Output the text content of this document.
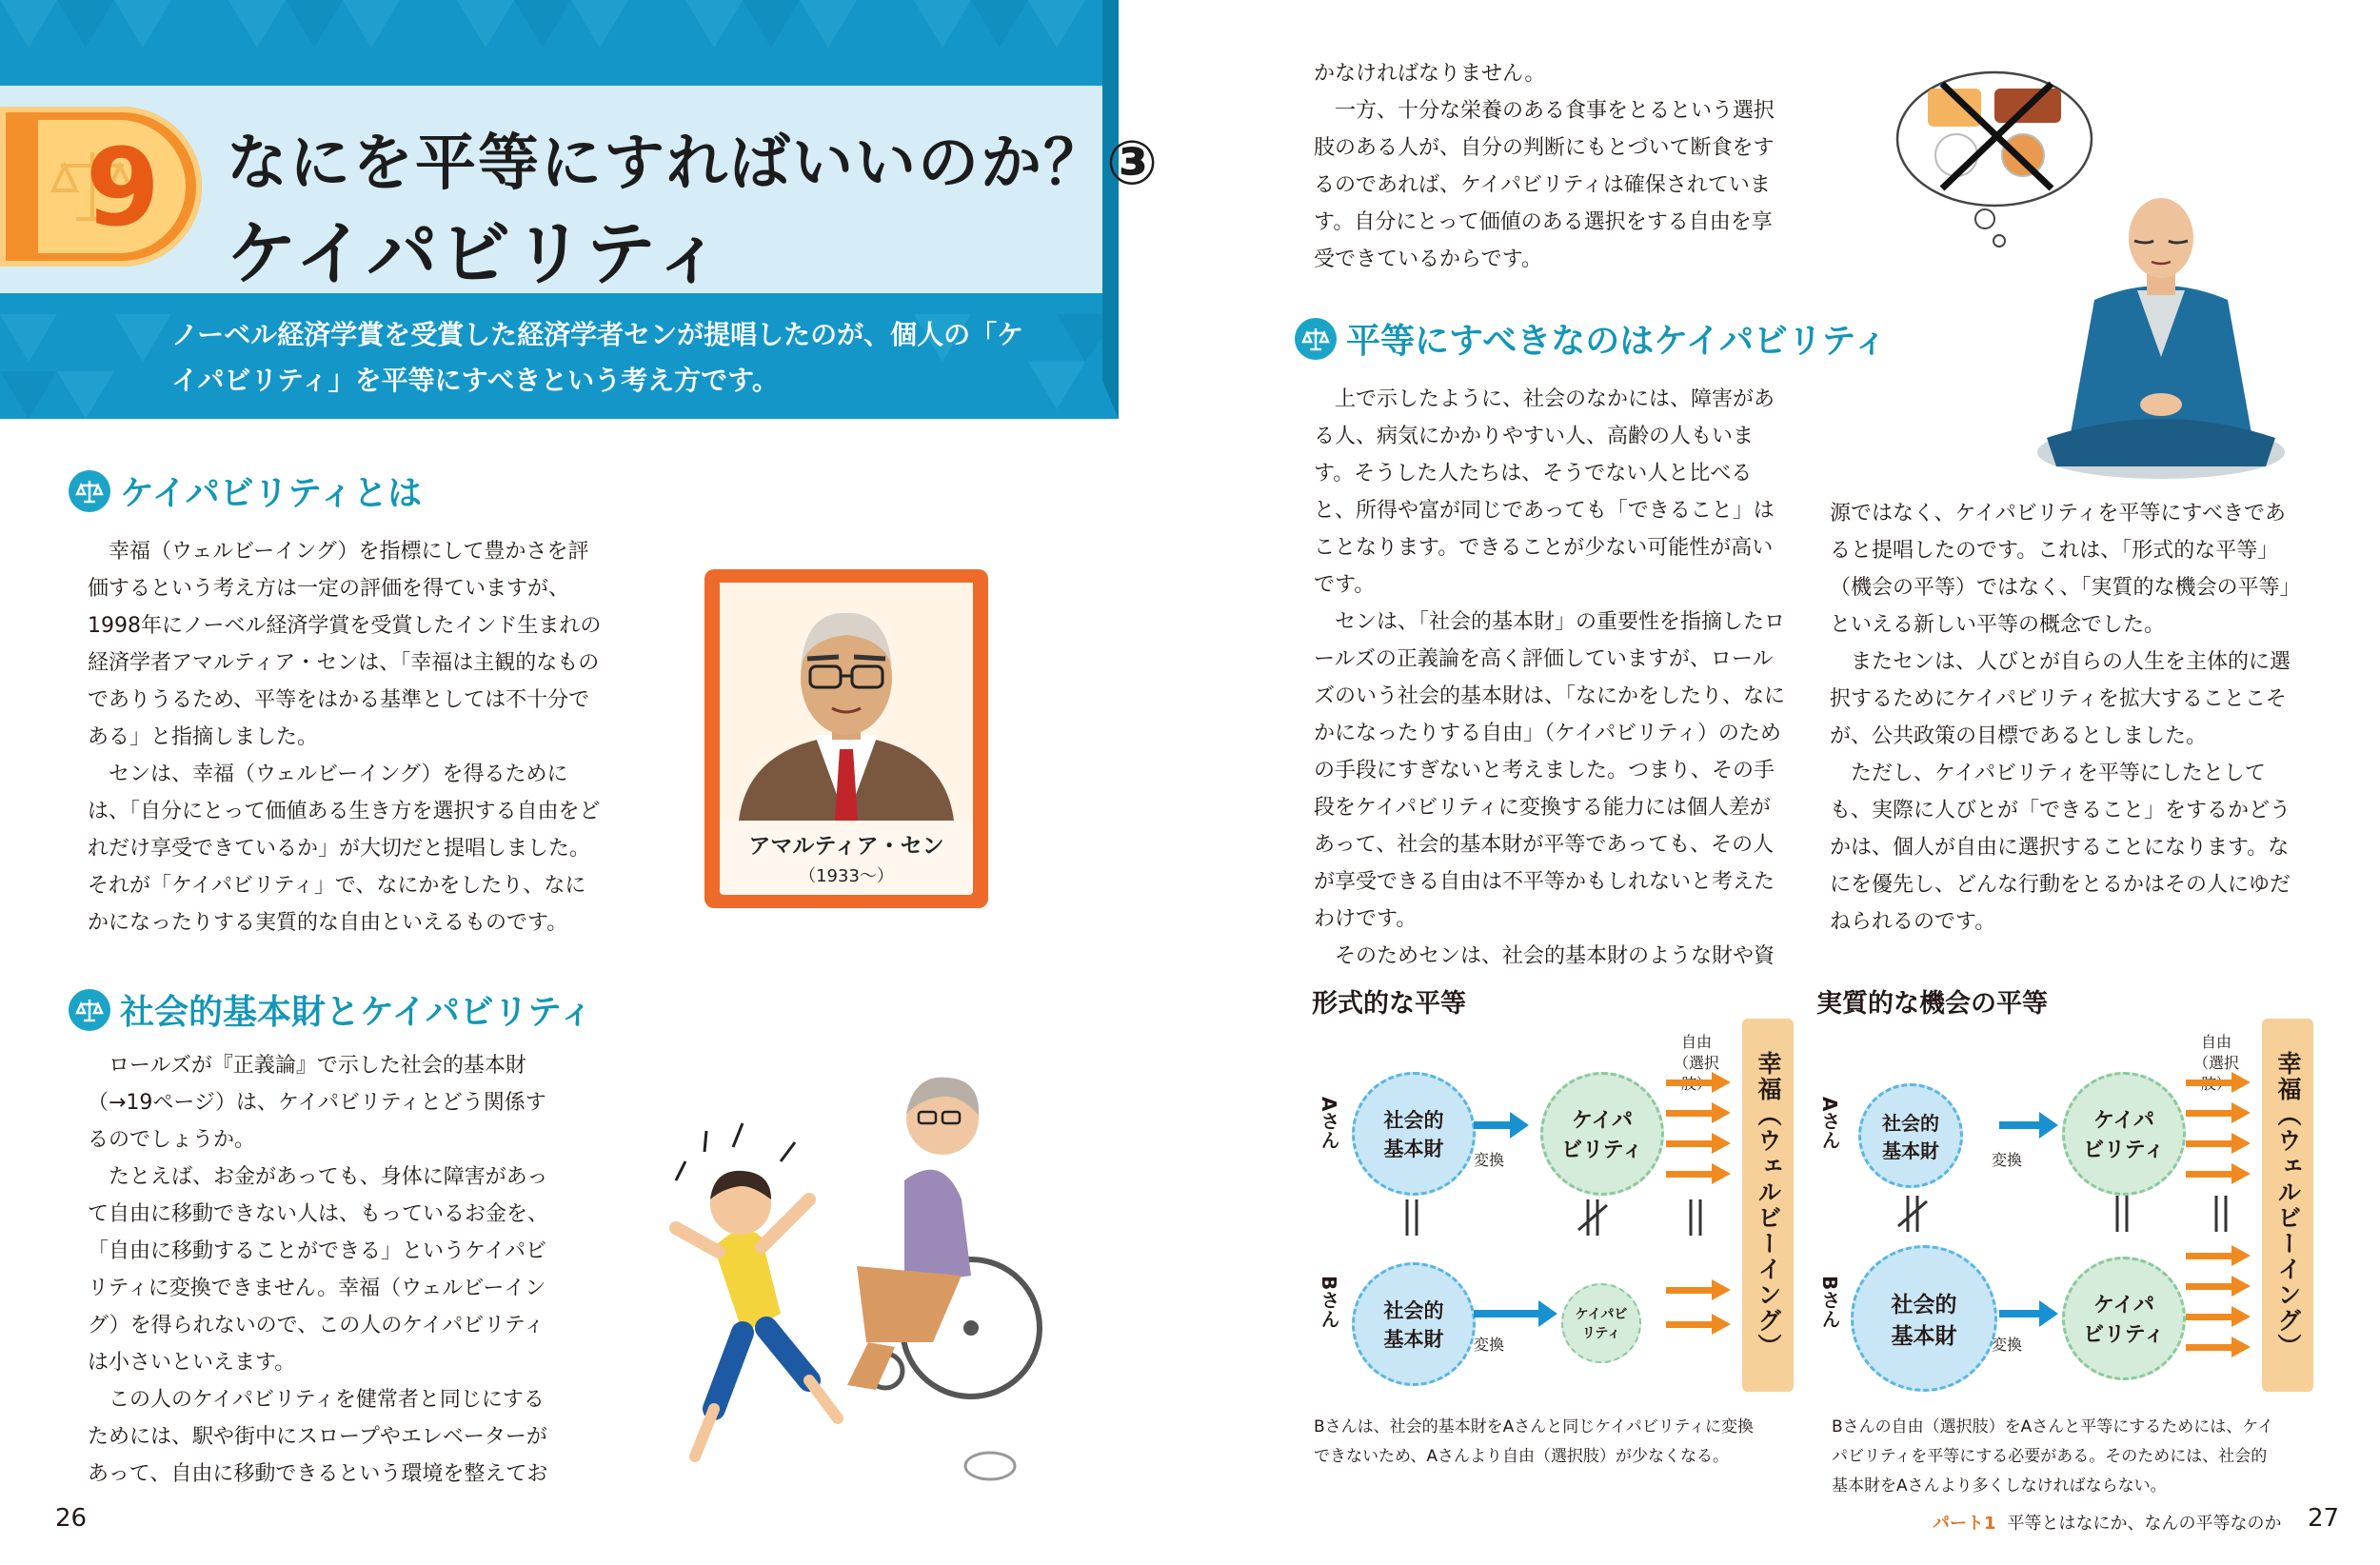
9 なにを平等にすればいいのか？③
ケイパビリティ
ノーベル経済学賞を受賞した経済学者センが提唱したのが、個人の「ケイパビリティ」を平等にすべきという考え方です。
ケイパビリティとは

幸福（ウェルビーイング）を指標にして豊かさを評価するという考え方は一定の評価を得ていますが、1998年にノーベル経済学賞を受賞したインド生まれの経済学者アマルティア・センは、「幸福は主観的なものでありうるため、平等をはかる基準としては不十分である」と指摘しました。

センは、幸福（ウェルビーイング）を得るためには、「自分にとって価値ある生き方を選択する自由をどれだけ享受できているか」が大切だと提唱しました。それが「ケイパビリティ」で、なにかをしたり、なにかになったりする実質的な自由といえるものです。

アマルティア・セン
（1933〜）
社会的基本財とケイパビリティ

ロールズが『正義論』で示した社会的基本財（→19ページ）は、ケイパビリティとどう関係するのでしょうか。

たとえば、お金があっても、身体に障害があって自由に移動できない人は、もっているお金を、「自由に移動することができる」というケイパビリティに変換できません。幸福（ウェルビーイング）を得られないので、この人のケイパビリティは小さいといえます。

この人のケイパビリティを健常者と同じにするためには、駅や街中にスロープやエレベーターがあって、自由に移動できるという環境を整えてお

26

かなければなりません。

一方、十分な栄養のある食事をとるという選択肢のある人が、自分の判断にもとづいて断食をするのであれば、ケイパビリティは確保されています。自分にとって価値のある選択をする自由を享受できているからです。

平等にすべきなのはケイパビリティ

上で示したように、社会のなかには、障害がある人、病気にかかりやすい人、高齢の人もいます。そうした人たちは、そうでない人と比べると、所得や富が同じであっても「できること」はことなります。できることが少ない可能性が高いです。

センは、「社会的基本財」の重要性を指摘したロールズの正義論を高く評価していますが、ロールズのいう社会的基本財は、「なにかをしたり、なにかになったりする自由」（ケイパビリティ）のための手段にすぎないと考えました。つまり、その手段をケイパビリティに変換する能力には個人差があって、社会的基本財が平等であっても、その人が享受できる自由は不平等かもしれないと考えたわけです。

そのためセンは、社会的基本財のような財や資

源ではなく、ケイパビリティを平等にすべきであると提唱したのです。これは、「形式的な平等」（機会の平等）ではなく、「実質的な機会の平等」といえる新しい平等の概念でした。

またセンは、人びとが自らの人生を主体的に選択するためにケイパビリティを拡大することこそが、公共政策の目標であるとしました。

ただし、ケイパビリティを平等にしたとしても、実際に人びとが「できること」をするかどうかは、個人が自由に選択することになります。なにを優先し、どんな行動をとるかはその人にゆだねられるのです。

形式的な平等
Aさん
Bさん
社会的基本財
社会的基本財
ケイパビリティ
ケイパビリティ
変換
変換
自由（選択	幸福（ウェルビーイング）
Bさんは、社会的基本財をAさんと同じケイパビリティに変換できないため、Aさんより自由（選択肢）が少なくなる。
実質的な機会の平等
Aさん
Bさん
社会的基本財
社会的基本財
ケイパビリティ
ケイパビリティ
変換
変換
自由（選択	幸福（ウェルビーイング）
Bさんの自由（選択肢）をAさんと平等にするためには、ケイパビリティを平等にする必要がある。そのためには、社会的基本財をAさんより多くしなければならない。
パート1 平等とはなにか、なんの平等なのか 27
